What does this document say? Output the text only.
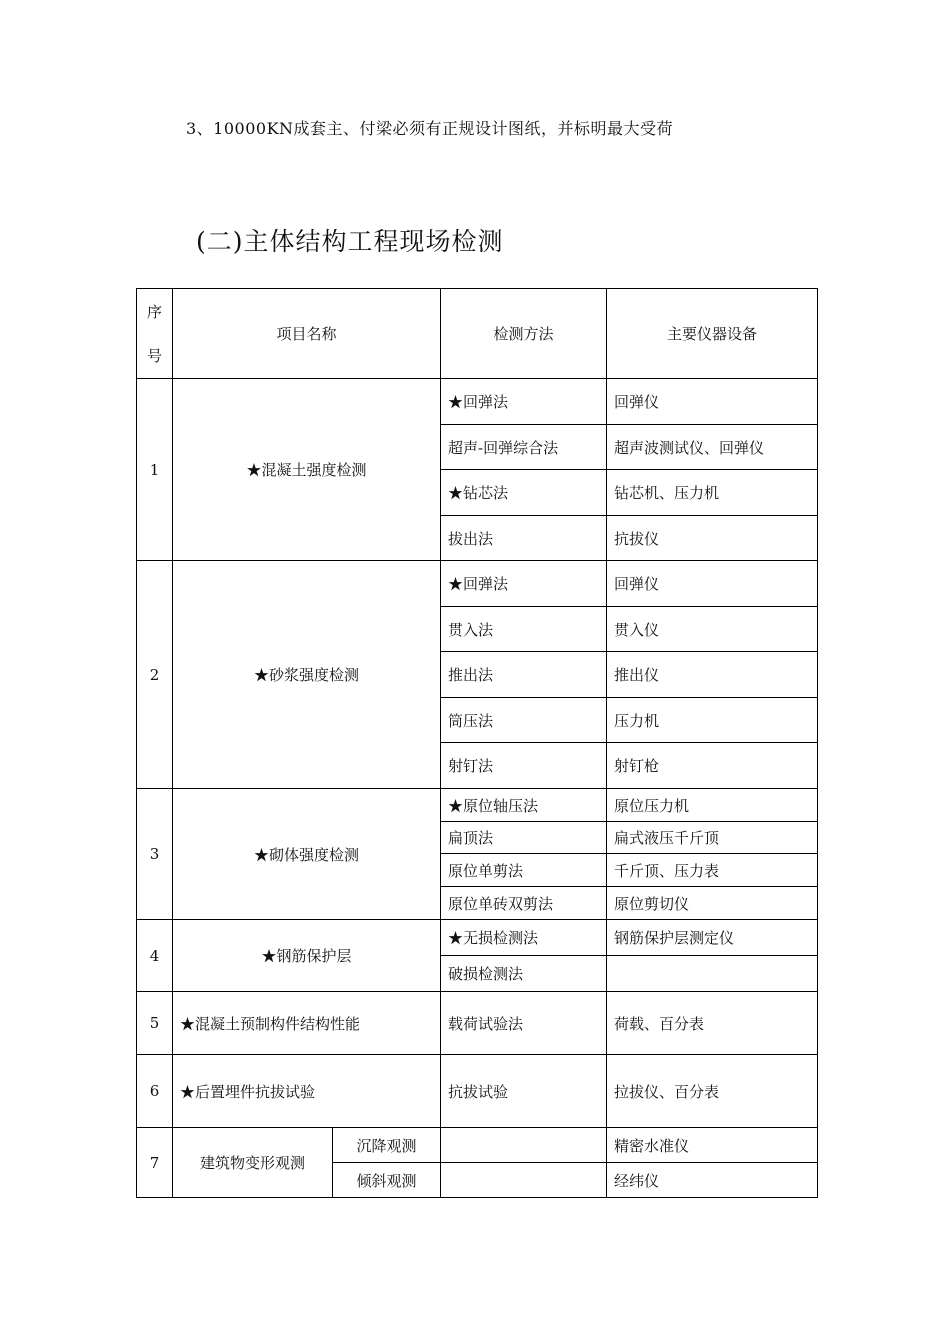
3、10000KN成套主、付梁必须有正规设计图纸，并标明最大受荷
(二)主体结构工程现场检测
序
号	项目名称		检测方法	主要仪器设备
1	★混凝土强度检测		★回弹法	回弹仪
			超声-回弹综合法	超声波测试仪、回弹仪
			★钻芯法	钻芯机、压力机
			拔出法	抗拔仪
2	★砂浆强度检测		★回弹法	回弹仪
			贯入法	贯入仪
			推出法	推出仪
			筒压法	压力机
			射钉法	射钉枪
3	★砌体强度检测		★原位轴压法	原位压力机
			扁顶法	扁式液压千斤顶
			原位单剪法	千斤顶、压力表
			原位单砖双剪法	原位剪切仪
4	★钢筋保护层		★无损检测法	钢筋保护层测定仪
			破损检测法	
5	★混凝土预制构件结构性能		载荷试验法	荷载、百分表
6	★后置埋件抗拔试验		抗拔试验	拉拔仪、百分表
7	建筑物变形观测	沉降观测		精密水准仪
		倾斜观测		经纬仪
